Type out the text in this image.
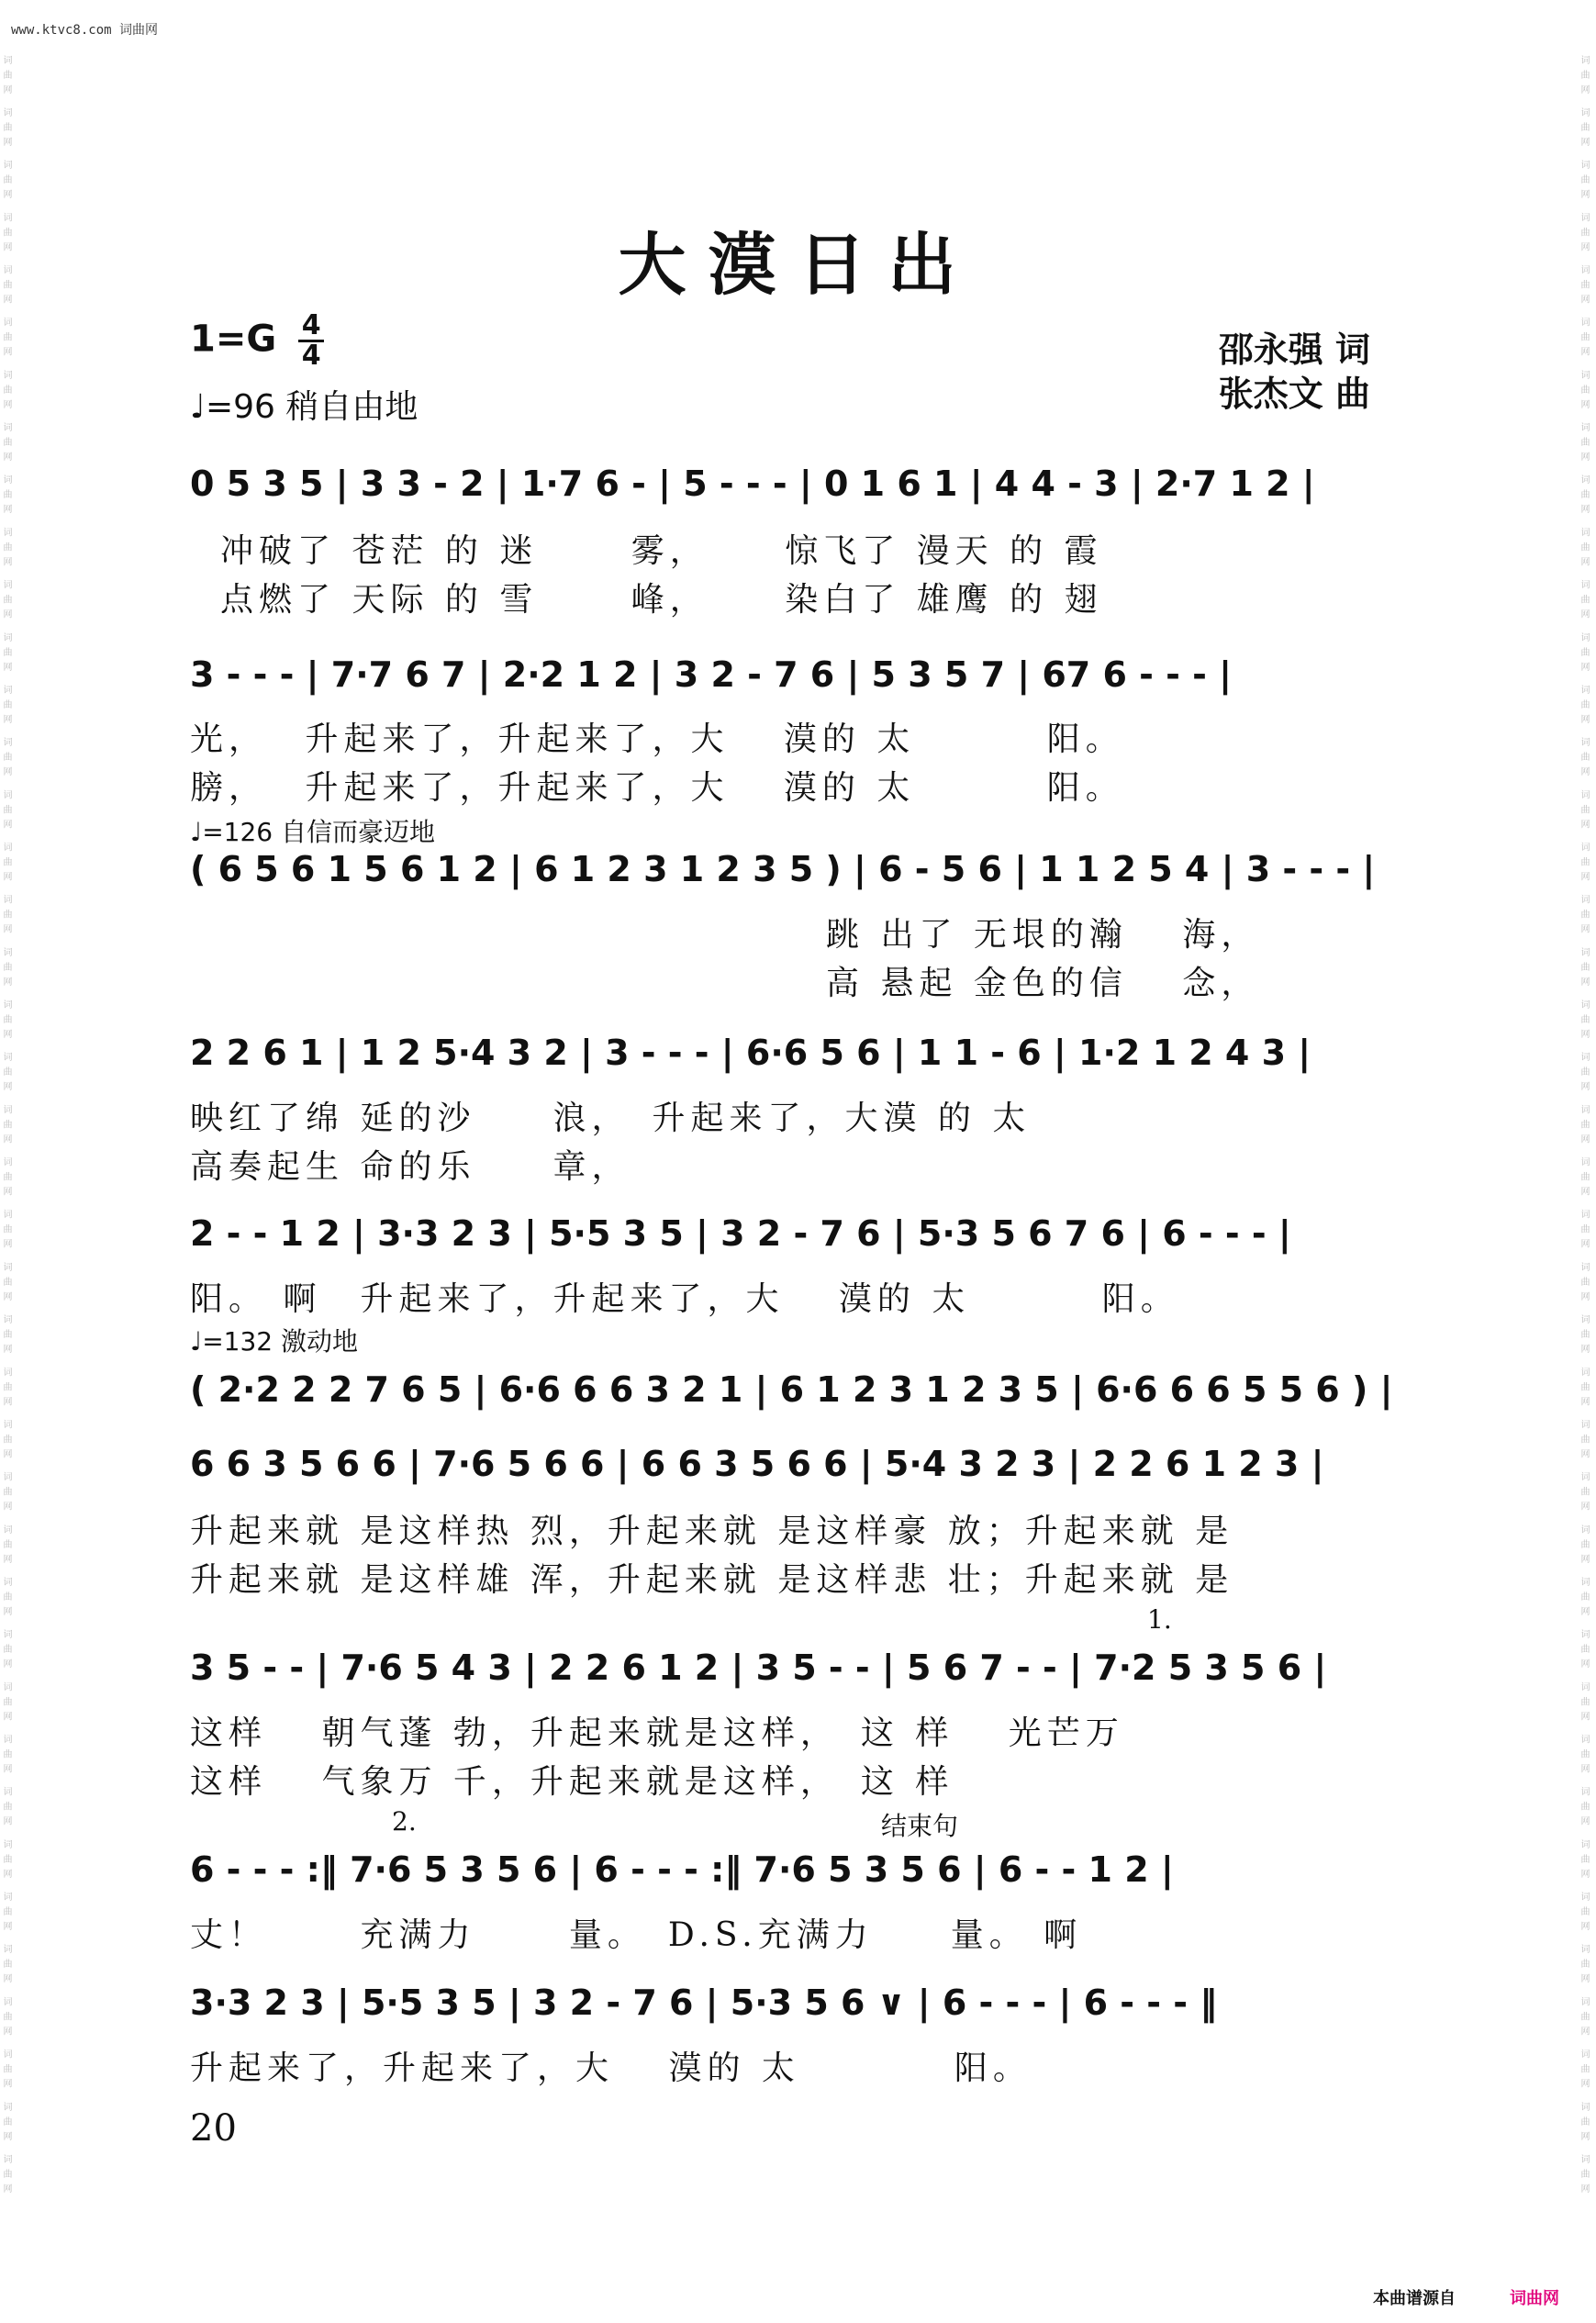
www.ktvc8.com 词曲网
词曲网 词曲网 词曲网 词曲网 词曲网 词曲网 词曲网 词曲网 词曲网 词曲网 词曲网 词曲网 词曲网 词曲网 词曲网 词曲网 词曲网 词曲网 词曲网 词曲网 词曲网 词曲网 词曲网 词曲网 词曲网 词曲网 词曲网 词曲网 词曲网 词曲网 词曲网 词曲网 词曲网 词曲网 词曲网 词曲网 词曲网 词曲网 词曲网 词曲网 词曲网	词曲网 词曲网 词曲网 词曲网 词曲网 词曲网 词曲网 词曲网 词曲网 词曲网 词曲网 词曲网 词曲网 词曲网 词曲网 词曲网 词曲网 词曲网 词曲网 词曲网 词曲网 词曲网 词曲网 词曲网 词曲网 词曲网 词曲网 词曲网 词曲网 词曲网 词曲网 词曲网 词曲网 词曲网 词曲网 词曲网 词曲网 词曲网 词曲网 词曲网 词曲网
大漠日出
$1=G \frac{4}{4}$
♩=96 稍自由地
邵永强 词
张杰文 曲
0 5 3 5 | 3 3 - 2 | 1·7 6 - | 5 - - - | 0 1 6 1 | 4 4 - 3 | 2·7 1 2 |
冲破了 苍茫 的 迷　 　雾，　　 惊飞了 漫天 的 霞
点燃了 天际 的 雪　 　峰，　　 染白了 雄鹰 的 翅
3 - - - | 7·7 6 7 | 2·2 1 2 | 3 2 - 7 6 | 5 3 5 7 | 67 6 - - - |
光，　 升起来了，升起来了，大　 漠的 太　　　 阳。
膀，　 升起来了，升起来了，大　 漠的 太　　　 阳。
♩=126 自信而豪迈地
( 6 5 6 1 5 6 1 2 | 6 1 2 3 1 2 3 5 ) | 6 - 5 6 | 1 1 2 5 4 | 3 - - - |
跳 出了 无垠的瀚　 海，
高 悬起 金色的信　 念，
2 2 6 1 | 1 2 5·4 3 2 | 3 - - - | 6·6 5 6 | 1 1 - 6 | 1·2 1 2 4 3 |
映红了绵 延的沙　　浪，　升起来了，大漠 的 太
高奏起生 命的乐　　章，
2 - - 1 2 | 3·3 2 3 | 5·5 3 5 | 3 2 - 7 6 | 5·3 5 6 7 6 | 6 - - - |
阳。 啊　升起来了，升起来了，大　 漠的 太　　　 阳。
♩=132 激动地
( 2·2 2 2 7 6 5 | 6·6 6 6 3 2 1 | 6 1 2 3 1 2 3 5 | 6·6 6 6 5 5 6 ) |
6 6 3 5 6 6 | 7·6 5 6 6 | 6 6 3 5 6 6 | 5·4 3 2 3 | 2 2 6 1 2 3 |
升起来就 是这样热 烈，升起来就 是这样豪 放；升起来就 是
升起来就 是这样雄 浑，升起来就 是这样悲 壮；升起来就 是
1.
3 5 - - | 7·6 5 4 3 | 2 2 6 1 2 | 3 5 - - | 5 6 7 - - | 7·2 5 3 5 6 |
这样　 朝气蓬 勃，升起来就是这样，　这 样　 光芒万
这样　 气象万 千，升起来就是这样，　这 样
2.	结束句
6 - - - :‖ 7·6 5 3 5 6 | 6 - - - :‖ 7·6 5 3 5 6 | 6 - - 1 2 |
丈！　　 充满力　　 量。　D.S.充满力　　量。 啊
3·3 2 3 | 5·5 3 5 | 3 2 - 7 6 | 5·3 5 6 ∨ | 6 - - - | 6 - - - ‖
升起来了，升起来了，大　 漠的 太　　　　阳。
20
本曲谱源自	词曲网
